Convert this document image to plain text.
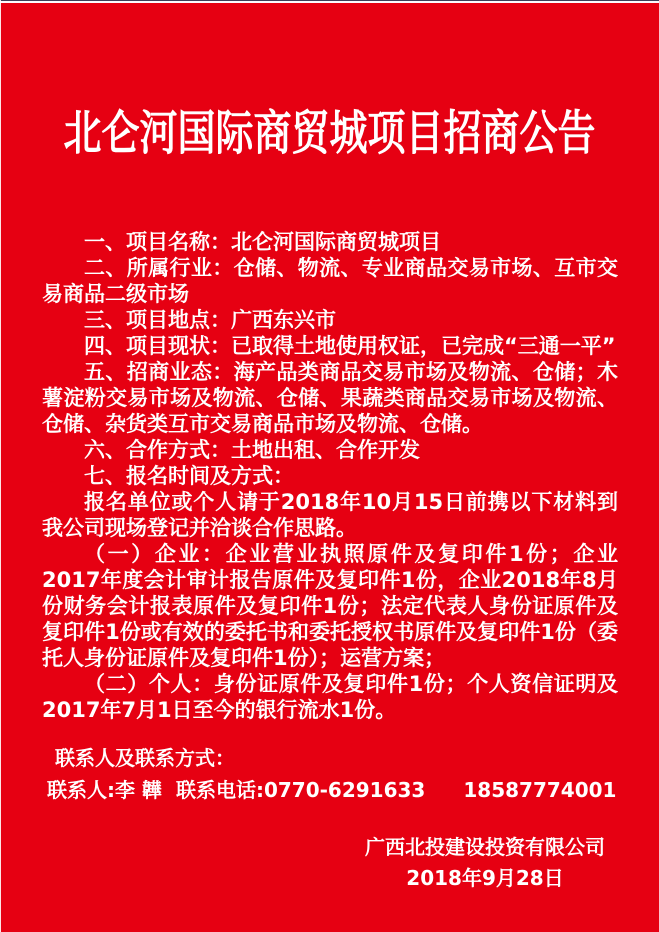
北仑河国际商贸城项目招商公告

一、项目名称：北仑河国际商贸城项目

二、所属行业：仓储、物流、专业商品交易市场、互市交易商品二级市场

三、项目地点：广西东兴市

四、项目现状：已取得土地使用权证，已完成“三通一平”

五、招商业态：海产品类商品交易市场及物流、仓储；木薯淀粉交易市场及物流、仓储、果蔬类商品交易市场及物流、仓储、杂货类互市交易商品市场及物流、仓储。

六、合作方式：土地出租、合作开发

七、报名时间及方式：

报名单位或个人请于2018年10月15日前携以下材料到我公司现场登记并洽谈合作思路。

（一）企业：企业营业执照原件及复印件1份；企业2017年度会计审计报告原件及复印件1份，企业2018年8月份财务会计报表原件及复印件1份；法定代表人身份证原件及复印件1份或有效的委托书和委托授权书原件及复印件1份（委托人身份证原件及复印件1份）；运营方案；

（二）个人：身份证原件及复印件1份；个人资信证明及2017年7月1日至今的银行流水1份。

联系人及联系方式：
联系人:李 韡 联系电话:0770-6291633 18587774001
广西北投建设投资有限公司
2018年9月28日
